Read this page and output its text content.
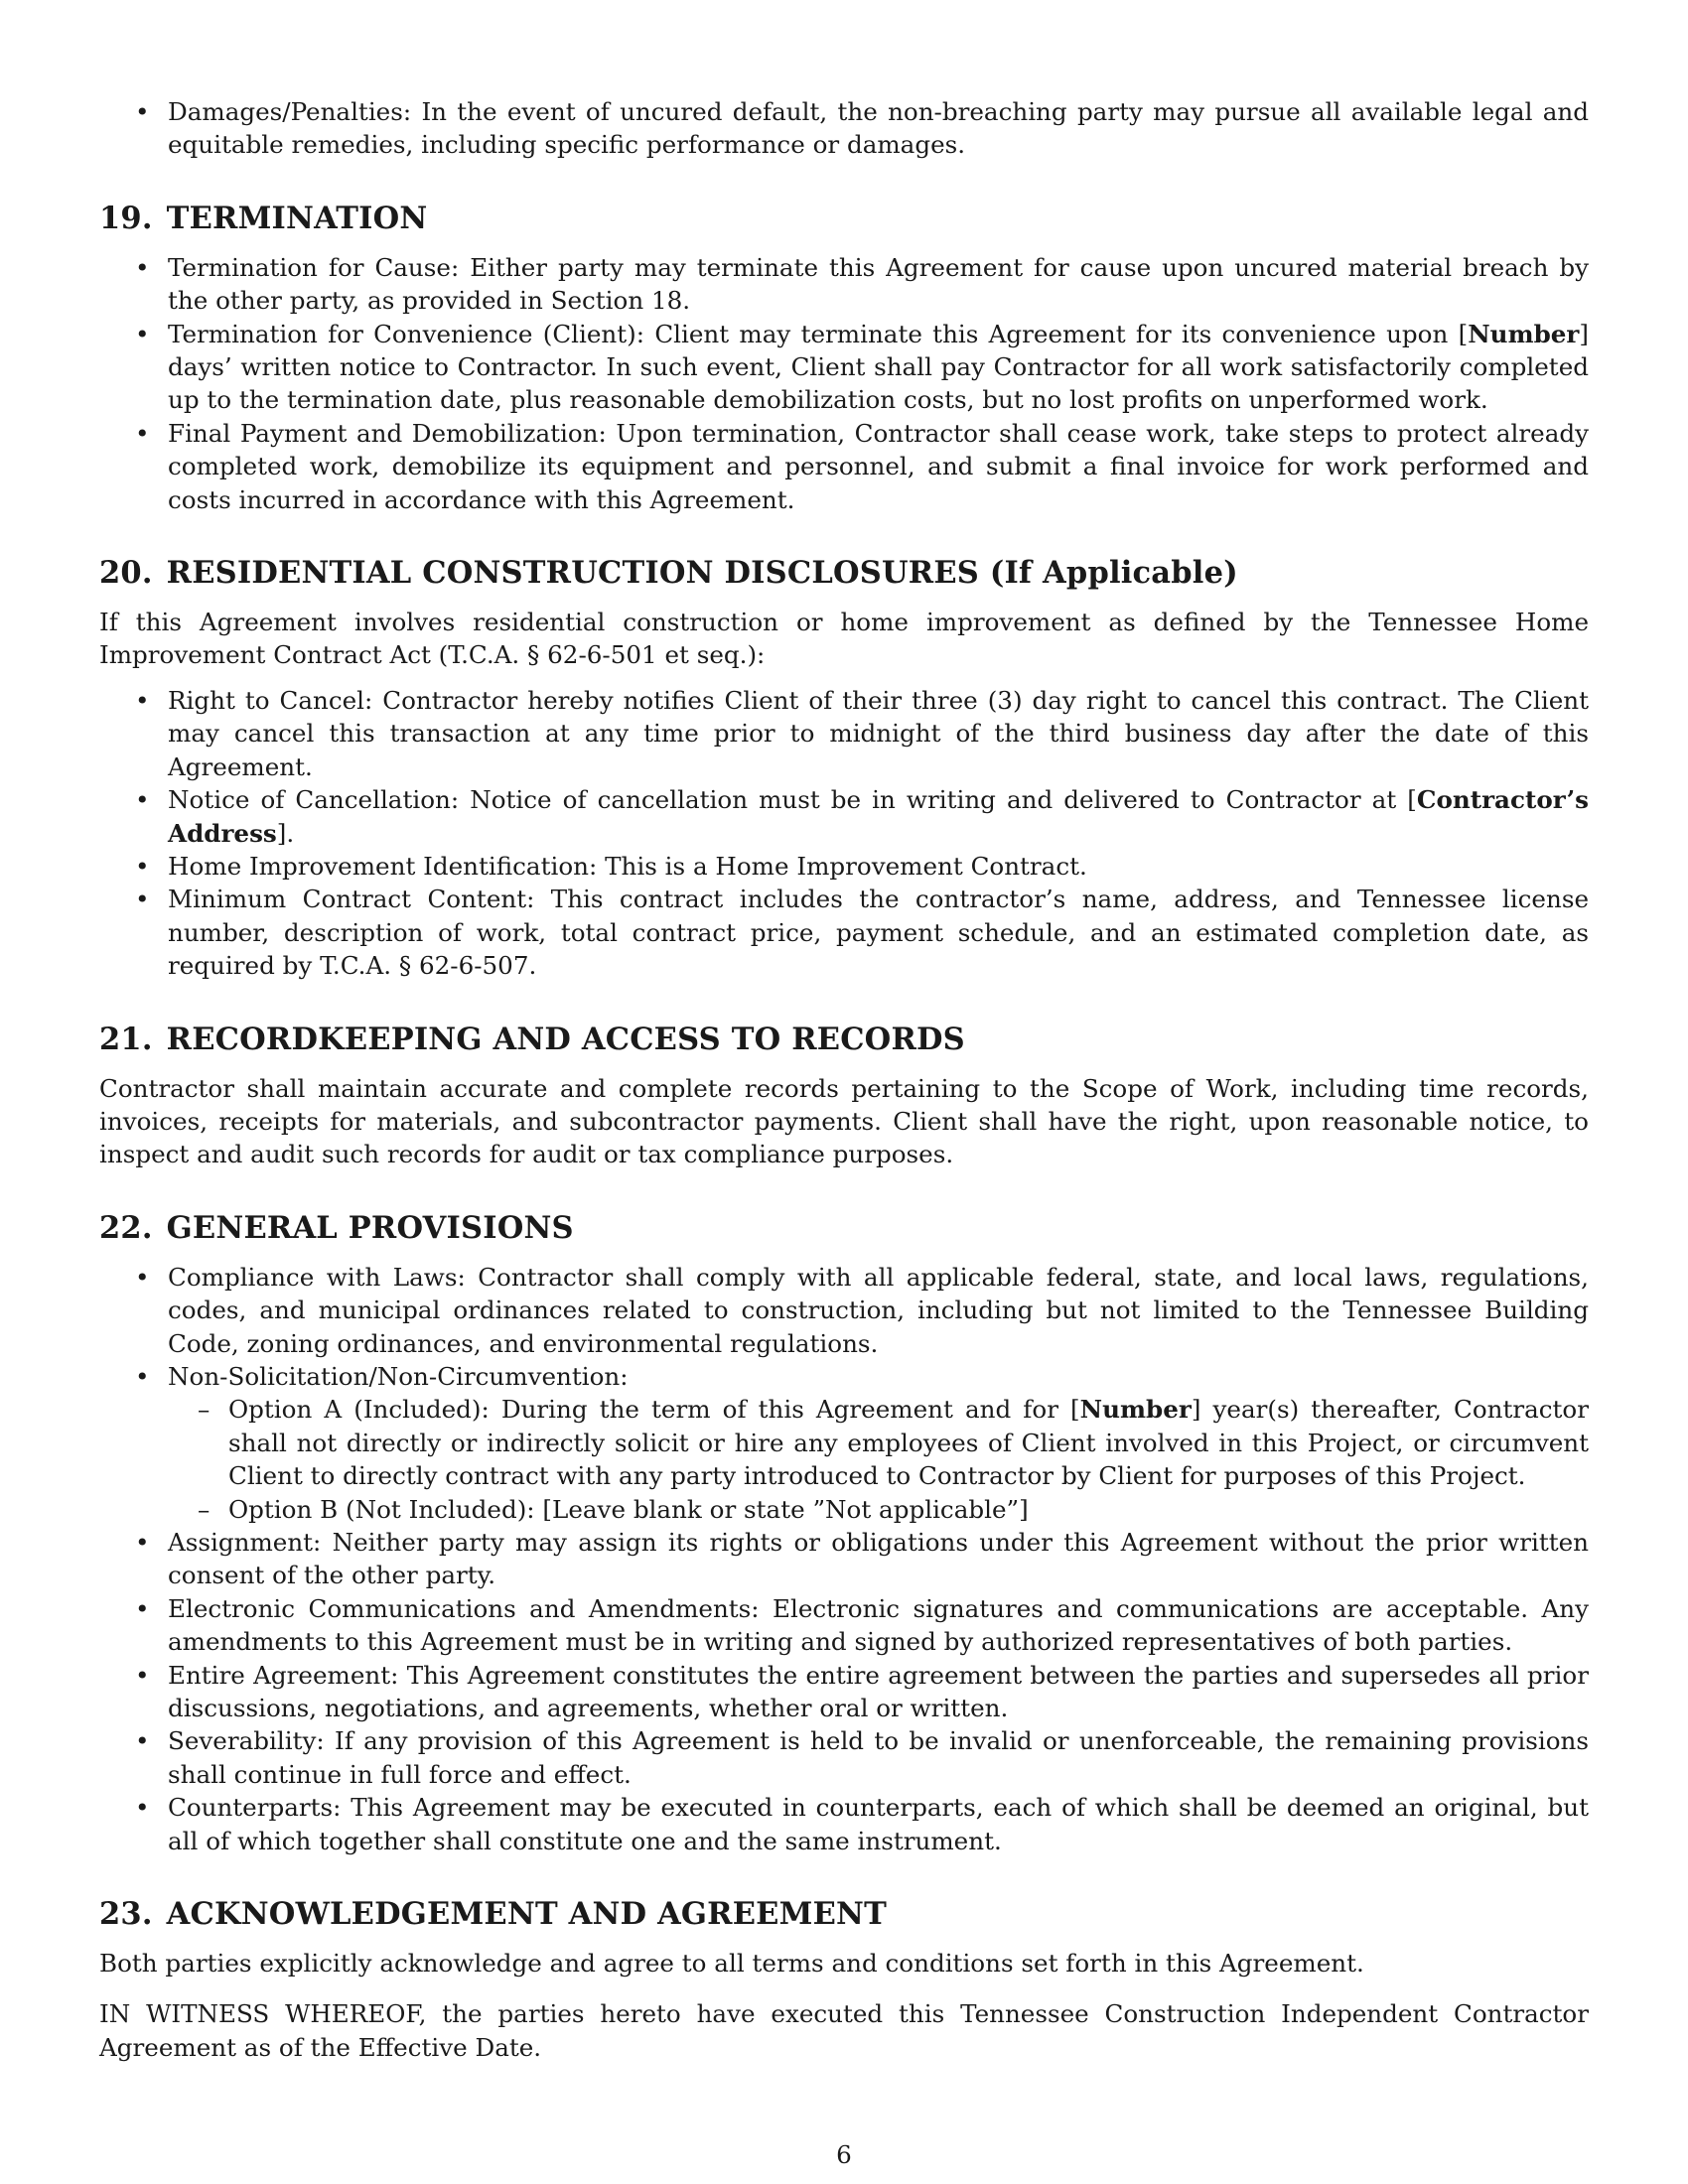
• Damages/Penalties: In the event of uncured default, the non-breaching party may pursue all available legal and equitable remedies, including specific performance or damages.
19. TERMINATION
• Termination for Cause: Either party may terminate this Agreement for cause upon uncured material breach by the other party, as provided in Section 18.
• Termination for Convenience (Client): Client may terminate this Agreement for its convenience upon [Number] days’ written notice to Contractor. In such event, Client shall pay Contractor for all work satisfactorily completed up to the termination date, plus reasonable demobilization costs, but no lost profits on unperformed work.
• Final Payment and Demobilization: Upon termination, Contractor shall cease work, take steps to protect already completed work, demobilize its equipment and personnel, and submit a final invoice for work performed and costs incurred in accordance with this Agreement.
20. RESIDENTIAL CONSTRUCTION DISCLOSURES (If Applicable)

If this Agreement involves residential construction or home improvement as defined by the Tennessee Home Improvement Contract Act (T.C.A. § 62-6-501 et seq.):

• Right to Cancel: Contractor hereby notifies Client of their three (3) day right to cancel this contract. The Client may cancel this transaction at any time prior to midnight of the third business day after the date of this Agreement.
• Notice of Cancellation: Notice of cancellation must be in writing and delivered to Contractor at [Contractor’s Address].
• Home Improvement Identification: This is a Home Improvement Contract.
• Minimum Contract Content: This contract includes the contractor’s name, address, and Tennessee license number, description of work, total contract price, payment schedule, and an estimated completion date, as required by T.C.A. § 62-6-507.
21. RECORDKEEPING AND ACCESS TO RECORDS

Contractor shall maintain accurate and complete records pertaining to the Scope of Work, including time records, invoices, receipts for materials, and subcontractor payments. Client shall have the right, upon reasonable notice, to inspect and audit such records for audit or tax compliance purposes.

22. GENERAL PROVISIONS
• Compliance with Laws: Contractor shall comply with all applicable federal, state, and local laws, regulations, codes, and municipal ordinances related to construction, including but not limited to the Tennessee Building Code, zoning ordinances, and environmental regulations.
• Non-Solicitation/Non-Circumvention:
– Option A (Included): During the term of this Agreement and for [Number] year(s) thereafter, Contractor shall not directly or indirectly solicit or hire any employees of Client involved in this Project, or circumvent Client to directly contract with any party introduced to Contractor by Client for purposes of this Project.
– Option B (Not Included): [Leave blank or state ”Not applicable”]
• Assignment: Neither party may assign its rights or obligations under this Agreement without the prior written consent of the other party.
• Electronic Communications and Amendments: Electronic signatures and communications are acceptable. Any amendments to this Agreement must be in writing and signed by authorized representatives of both parties.
• Entire Agreement: This Agreement constitutes the entire agreement between the parties and supersedes all prior discussions, negotiations, and agreements, whether oral or written.
• Severability: If any provision of this Agreement is held to be invalid or unenforceable, the remaining provisions shall continue in full force and effect.
• Counterparts: This Agreement may be executed in counterparts, each of which shall be deemed an original, but all of which together shall constitute one and the same instrument.
23. ACKNOWLEDGEMENT AND AGREEMENT

Both parties explicitly acknowledge and agree to all terms and conditions set forth in this Agreement.

IN WITNESS WHEREOF, the parties hereto have executed this Tennessee Construction Independent Contractor Agreement as of the Effective Date.

6
